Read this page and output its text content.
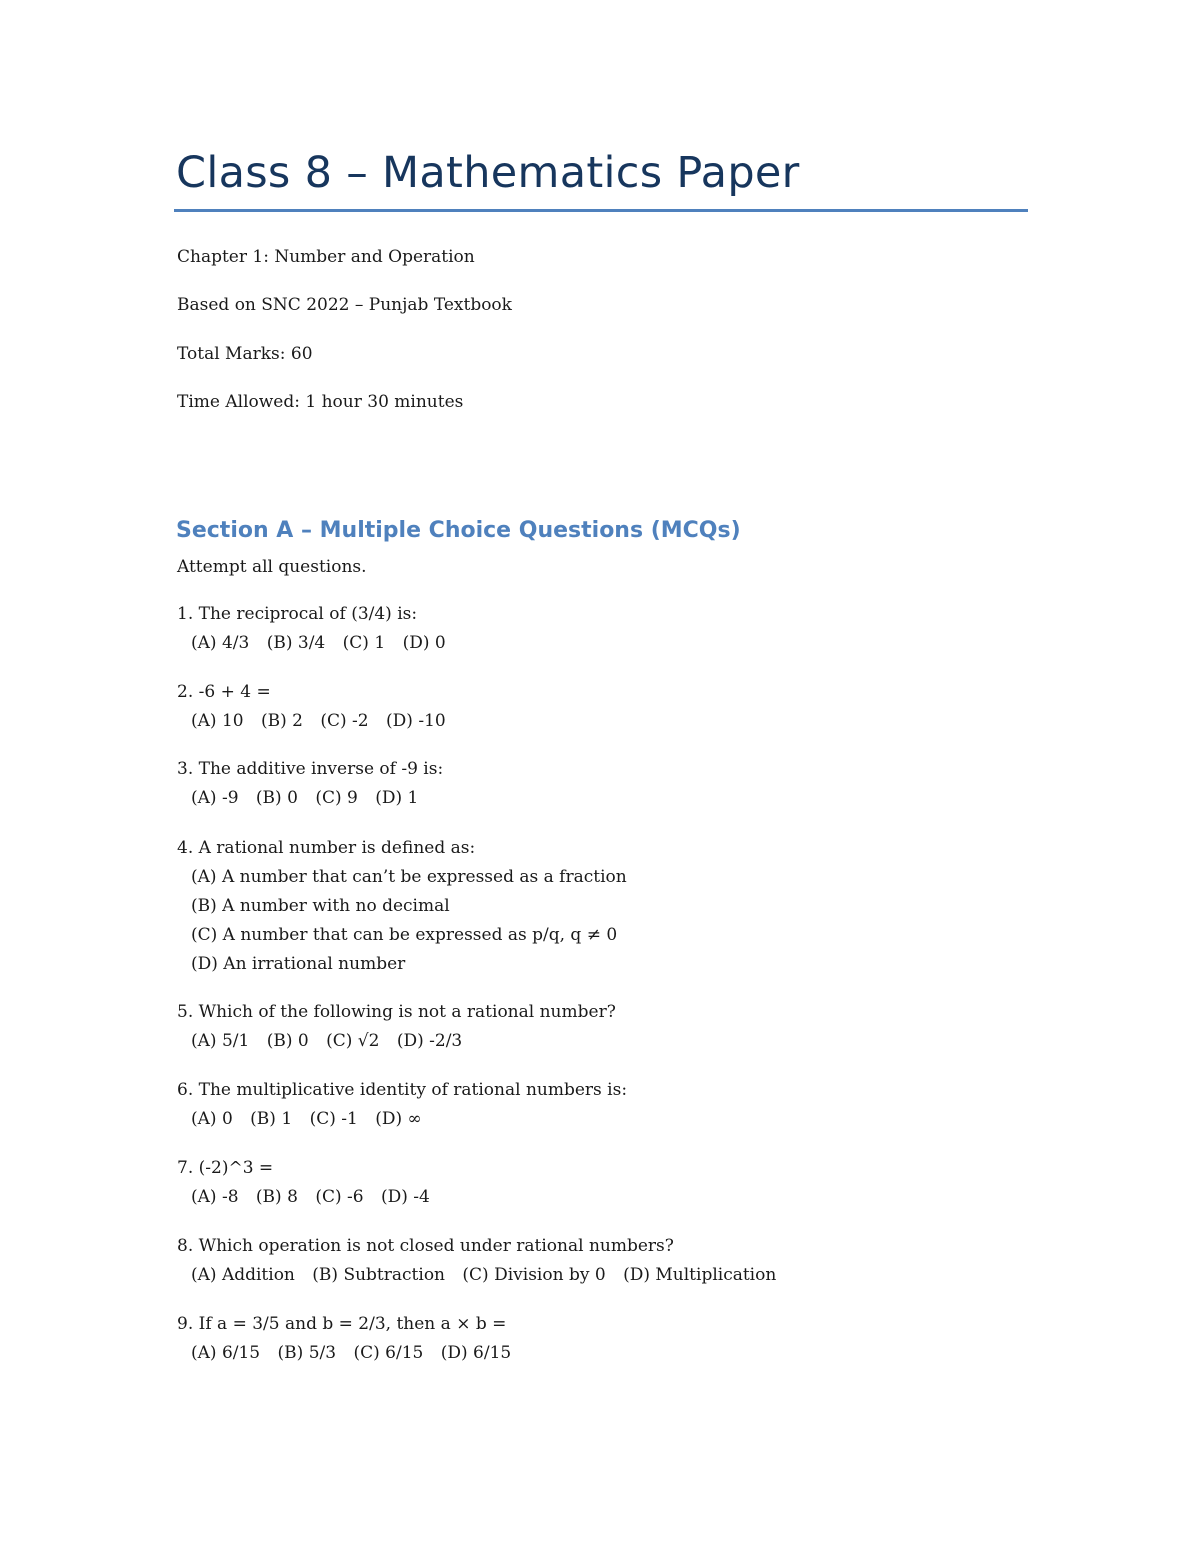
Class 8 – Mathematics Paper

Chapter 1: Number and Operation

Based on SNC 2022 – Punjab Textbook

Total Marks: 60

Time Allowed: 1 hour 30 minutes

Section A – Multiple Choice Questions (MCQs)

Attempt all questions.

1. The reciprocal of (3/4) is:
(A) 4/3 (B) 3/4 (C) 1 (D) 0
2. -6 + 4 =
(A) 10 (B) 2 (C) -2 (D) -10
3. The additive inverse of -9 is:
(A) -9 (B) 0 (C) 9 (D) 1
4. A rational number is defined as:
(A) A number that can’t be expressed as a fraction
(B) A number with no decimal
(C) A number that can be expressed as p/q, q ≠ 0
(D) An irrational number
5. Which of the following is not a rational number?
(A) 5/1 (B) 0 (C) √2 (D) -2/3
6. The multiplicative identity of rational numbers is:
(A) 0 (B) 1 (C) -1 (D) ∞
7. (-2)^3 =
(A) -8 (B) 8 (C) -6 (D) -4
8. Which operation is not closed under rational numbers?
(A) Addition (B) Subtraction (C) Division by 0 (D) Multiplication
9. If a = 3/5 and b = 2/3, then a × b =
(A) 6/15 (B) 5/3 (C) 6/15 (D) 6/15
